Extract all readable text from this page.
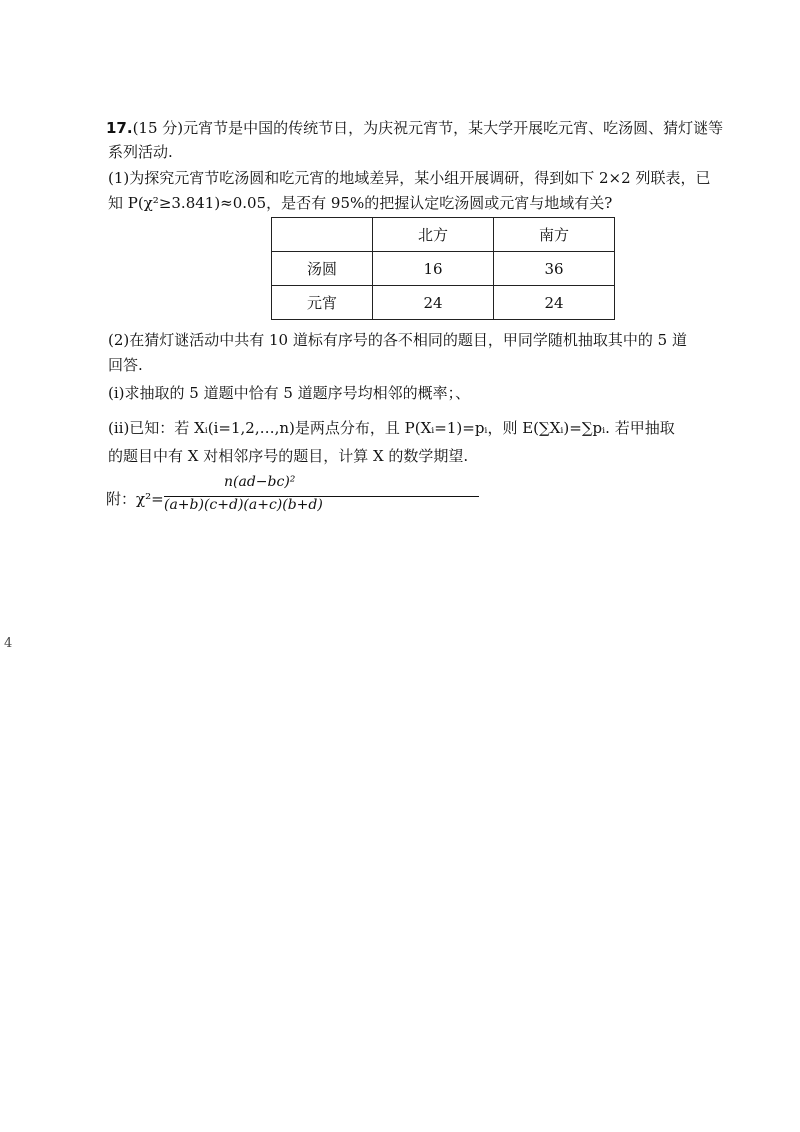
17.(15 分)元宵节是中国的传统节日，为庆祝元宵节，某大学开展吃元宵、吃汤圆、猜灯谜等
系列活动.
(1)为探究元宵节吃汤圆和吃元宵的地域差异，某小组开展调研，得到如下 2×2 列联表，已
知 P(χ²≥3.841)≈0.05，是否有 95%的把握认定吃汤圆或元宵与地域有关?
	北方	南方
汤圆	16	36
元宵	24	24
(2)在猜灯谜活动中共有 10 道标有序号的各不相同的题目，甲同学随机抽取其中的 5 道
回答.
(ⅰ)求抽取的 5 道题中恰有 5 道题序号均相邻的概率；、
(ⅱ)已知：若 Xᵢ(i=1,2,…,n)是两点分布，且 P(Xᵢ=1)=pᵢ，则 E(∑Xᵢ)=∑pᵢ. 若甲抽取
的题目中有 X 对相邻序号的题目，计算 X 的数学期望.
附：χ²=
n(ad−bc)²
(a+b)(c+d)(a+c)(b+d)
4
